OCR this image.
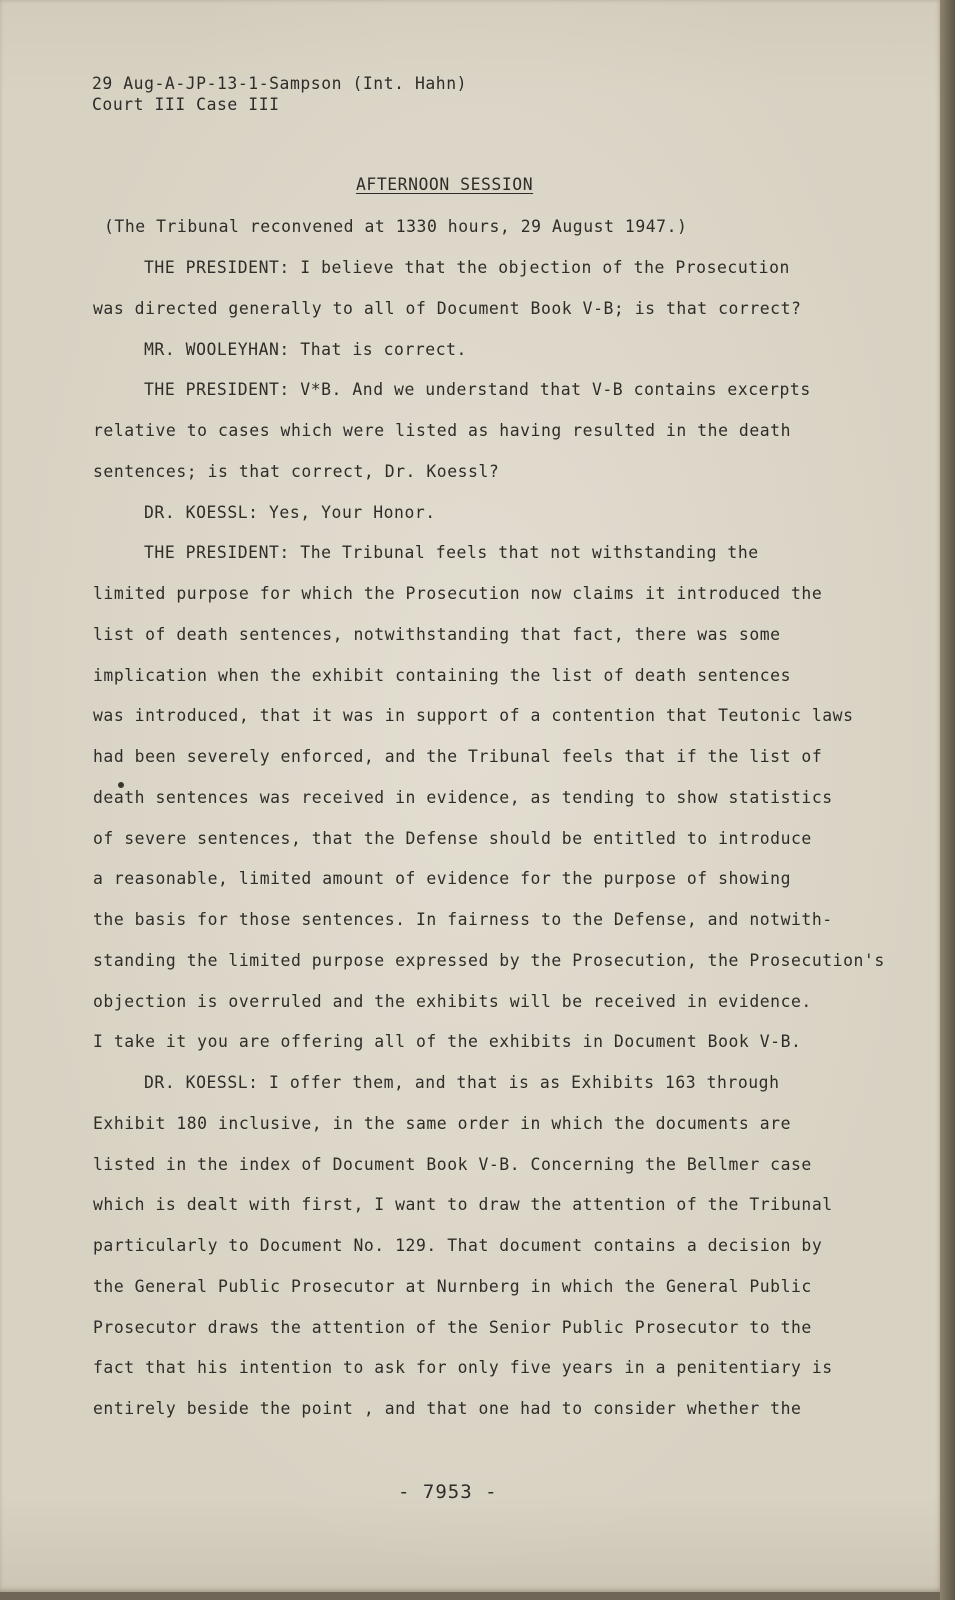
29 Aug-A-JP-13-1-Sampson (Int. Hahn)
Court III Case III
AFTERNOON SESSION
(The Tribunal reconvened at 1330 hours, 29 August 1947.)
THE PRESIDENT: I believe that the objection of the Prosecution
was directed generally to all of Document Book V-B; is that correct?
MR. WOOLEYHAN: That is correct.
THE PRESIDENT: V*B. And we understand that V-B contains excerpts
relative to cases which were listed as having resulted in the death
sentences; is that correct, Dr. Koessl?
DR. KOESSL: Yes, Your Honor.
THE PRESIDENT: The Tribunal feels that not withstanding the
limited purpose for which the Prosecution now claims it introduced the
list of death sentences, notwithstanding that fact, there was some
implication when the exhibit containing the list of death sentences
was introduced, that it was in support of a contention that Teutonic laws
had been severely enforced, and the Tribunal feels that if the list of
death sentences was received in evidence, as tending to show statistics
of severe sentences, that the Defense should be entitled to introduce
a reasonable, limited amount of evidence for the purpose of showing
the basis for those sentences. In fairness to the Defense, and notwith-
standing the limited purpose expressed by the Prosecution, the Prosecution's
objection is overruled and the exhibits will be received in evidence.
I take it you are offering all of the exhibits in Document Book V-B.
DR. KOESSL: I offer them, and that is as Exhibits 163 through
Exhibit 180 inclusive, in the same order in which the documents are
listed in the index of Document Book V-B. Concerning the Bellmer case
which is dealt with first, I want to draw the attention of the Tribunal
particularly to Document No. 129. That document contains a decision by
the General Public Prosecutor at Nurnberg in which the General Public
Prosecutor draws the attention of the Senior Public Prosecutor to the
fact that his intention to ask for only five years in a penitentiary is
entirely beside the point , and that one had to consider whether the
- 7953 -
